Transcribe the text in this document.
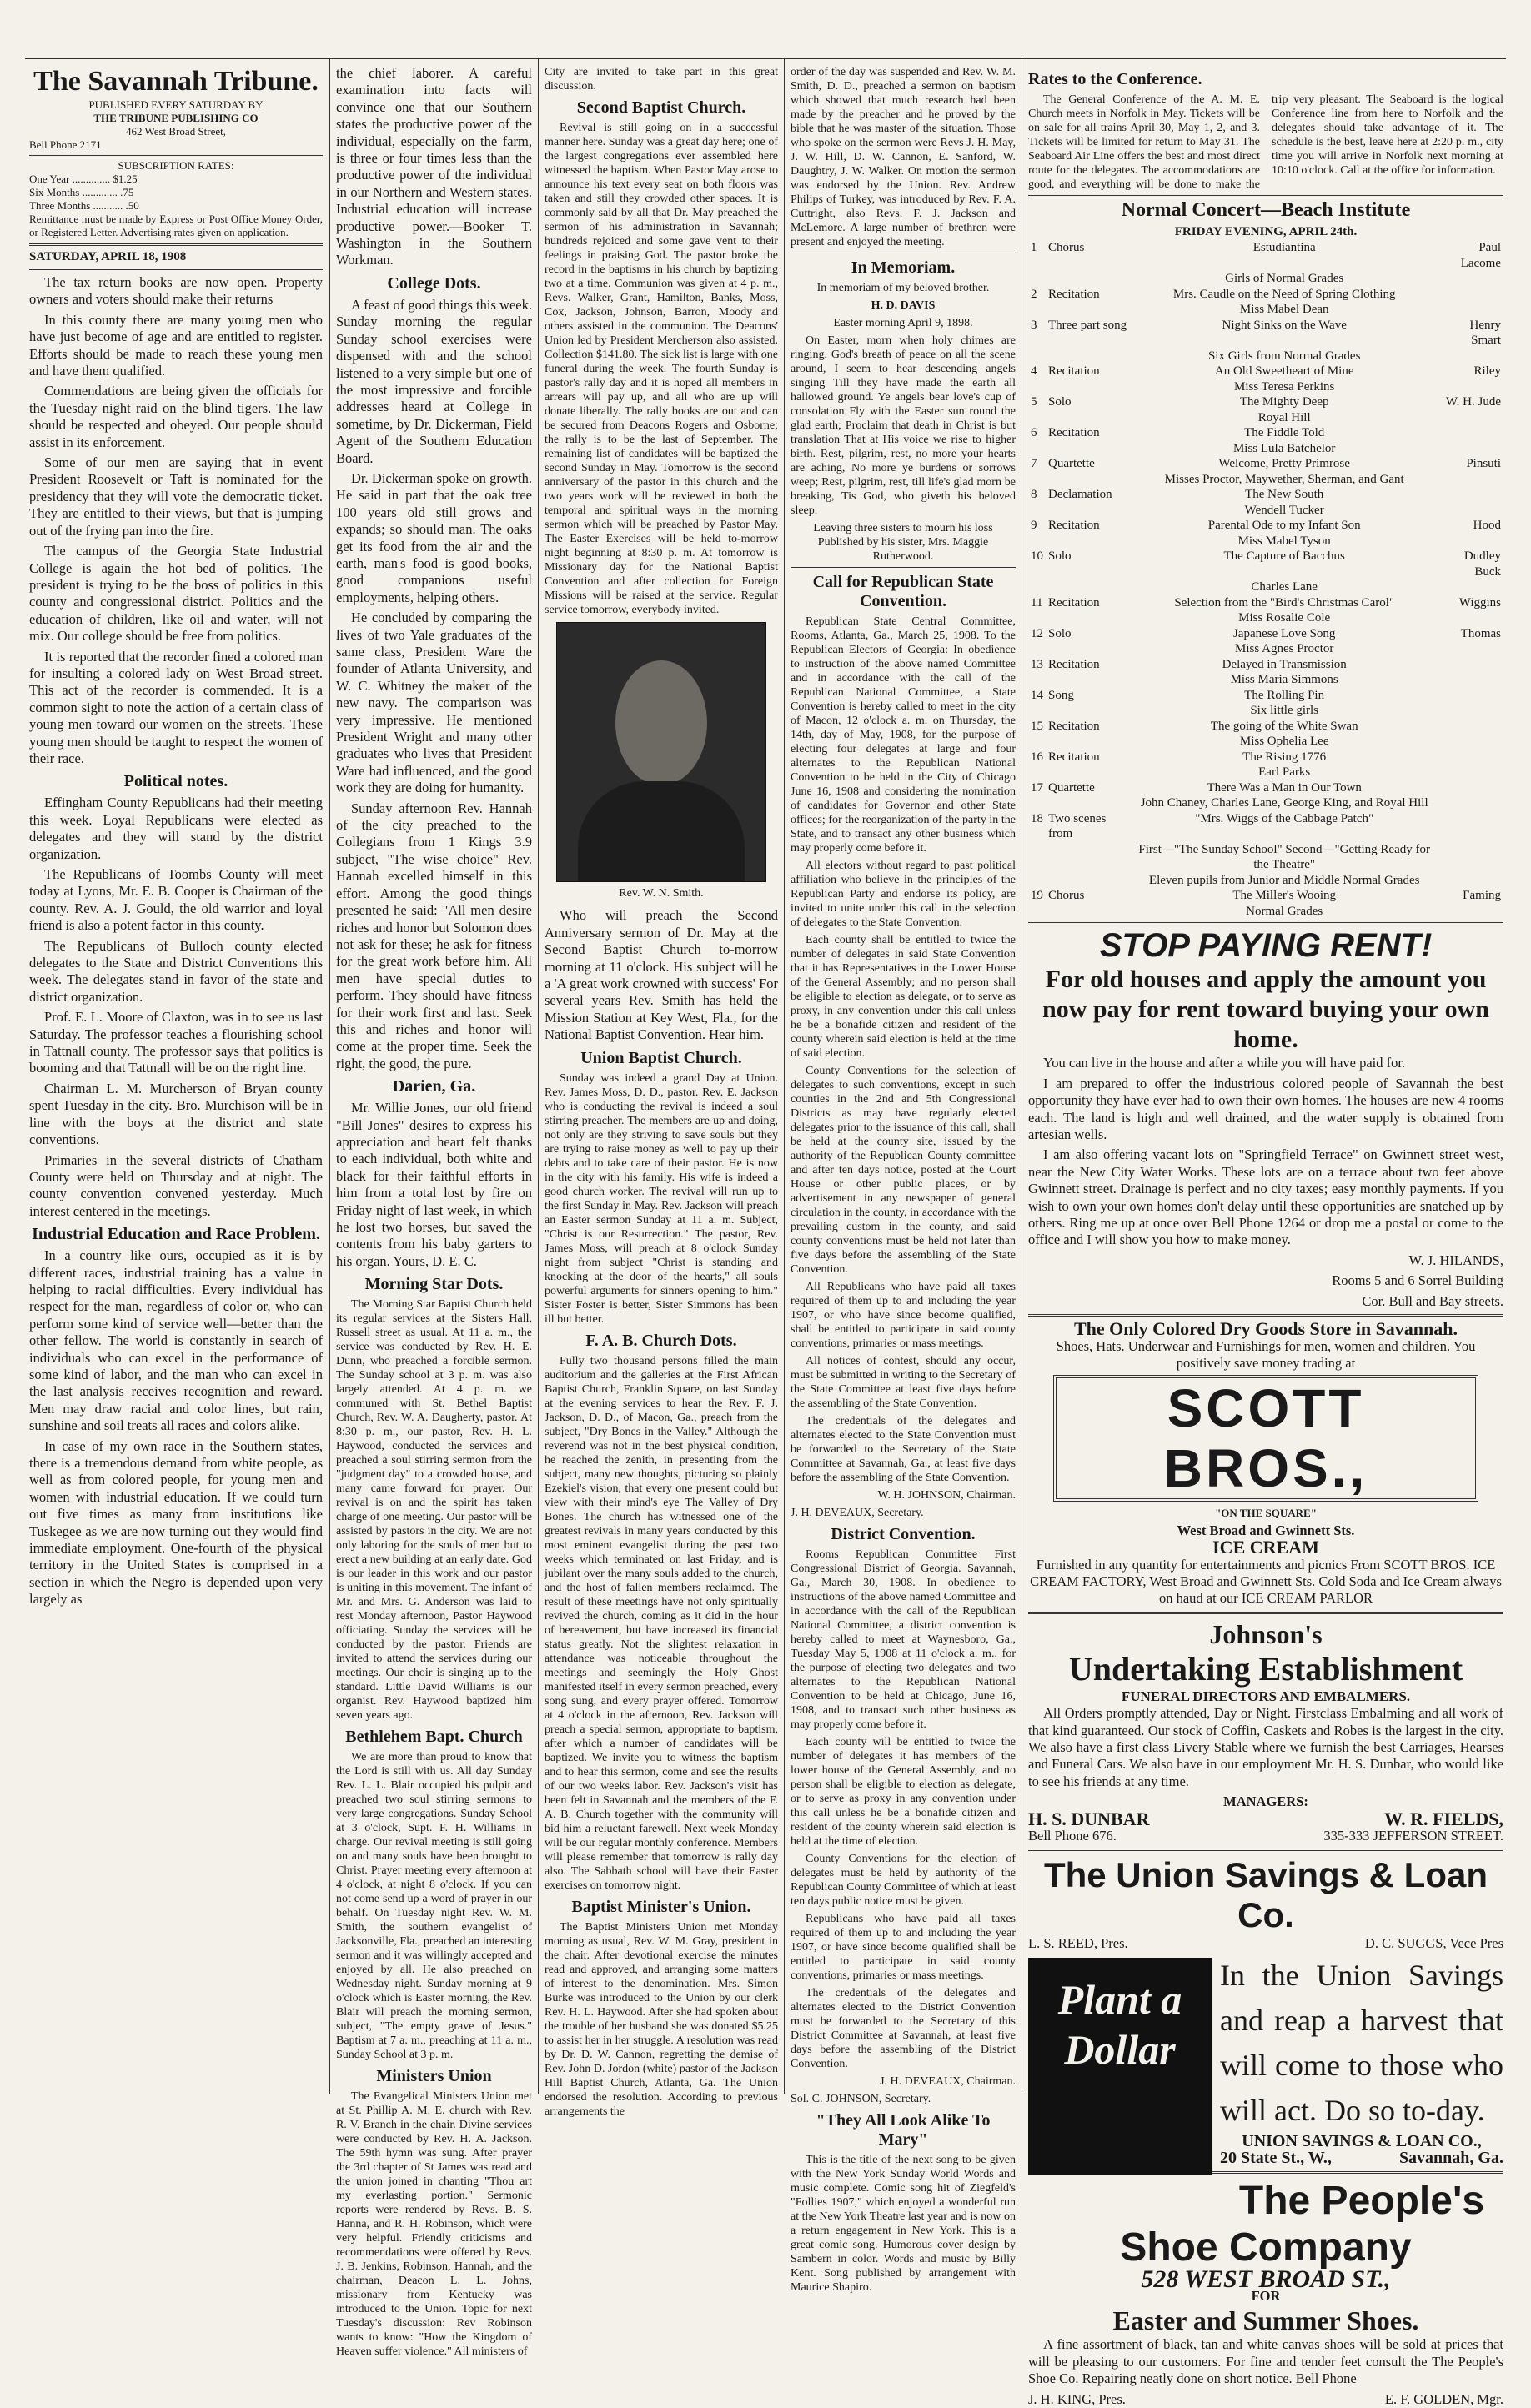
The Savannah Tribune.
PUBLISHED EVERY SATURDAY BY
THE TRIBUNE PUBLISHING CO
462 West Broad Street,
Bell Phone 2171
SUBSCRIPTION RATES:
One Year .............. $1.25
Six Months ............. .75
Three Months ........... .50
Remittance must be made by Express or Post Office Money Order, or Registered Letter. Advertising rates given on application.
SATURDAY, APRIL 18, 1908

The tax return books are now open. Property owners and voters should make their returns

In this county there are many young men who have just become of age and are entitled to register. Efforts should be made to reach these young men and have them qualified.

Commendations are being given the officials for the Tuesday night raid on the blind tigers. The law should be respected and obeyed. Our people should assist in its enforcement.

Some of our men are saying that in event President Roosevelt or Taft is nominated for the presidency that they will vote the democratic ticket. They are entitled to their views, but that is jumping out of the frying pan into the fire.

The campus of the Georgia State Industrial College is again the hot bed of politics. The president is trying to be the boss of politics in this county and congressional district. Politics and the education of children, like oil and water, will not mix. Our college should be free from politics.

It is reported that the recorder fined a colored man for insulting a colored lady on West Broad street. This act of the recorder is commended. It is a common sight to note the action of a certain class of young men toward our women on the streets. These young men should be taught to respect the women of their race.

Political notes.

Effingham County Republicans had their meeting this week. Loyal Republicans were elected as delegates and they will stand by the district organization.

The Republicans of Toombs County will meet today at Lyons, Mr. E. B. Cooper is Chairman of the county. Rev. A. J. Gould, the old warrior and loyal friend is also a potent factor in this county.

The Republicans of Bulloch county elected delegates to the State and District Conventions this week. The delegates stand in favor of the state and district organization.

Prof. E. L. Moore of Claxton, was in to see us last Saturday. The professor teaches a flourishing school in Tattnall county. The professor says that politics is booming and that Tattnall will be on the right line.

Chairman L. M. Murcherson of Bryan county spent Tuesday in the city. Bro. Murchison will be in line with the boys at the district and state conventions.

Primaries in the several districts of Chatham County were held on Thursday and at night. The county convention convened yesterday. Much interest centered in the meetings.

Industrial Education and Race Problem.

In a country like ours, occupied as it is by different races, industrial training has a value in helping to racial difficulties. Every individual has respect for the man, regardless of color or, who can perform some kind of service well—better than the other fellow. The world is constantly in search of individuals who can excel in the performance of some kind of labor, and the man who can excel in the last analysis receives recognition and reward. Men may draw racial and color lines, but rain, sunshine and soil treats all races and colors alike.

In case of my own race in the Southern states, there is a tremendous demand from white people, as well as from colored people, for young men and women with industrial education. If we could turn out five times as many from institutions like Tuskegee as we are now turning out they would find immediate employment. One-fourth of the physical territory in the United States is comprised in a section in which the Negro is depended upon very largely as

the chief laborer. A careful examination into facts will convince one that our Southern states the productive power of the individual, especially on the farm, is three or four times less than the productive power of the individual in our Northern and Western states. Industrial education will increase productive power.—Booker T. Washington in the Southern Workman.

College Dots.

A feast of good things this week. Sunday morning the regular Sunday school exercises were dispensed with and the school listened to a very simple but one of the most impressive and forcible addresses heard at College in sometime, by Dr. Dickerman, Field Agent of the Southern Education Board.

Dr. Dickerman spoke on growth. He said in part that the oak tree 100 years old still grows and expands; so should man. The oaks get its food from the air and the earth, man's food is good books, good companions useful employments, helping others.

He concluded by comparing the lives of two Yale graduates of the same class, President Ware the founder of Atlanta University, and W. C. Whitney the maker of the new navy. The comparison was very impressive. He mentioned President Wright and many other graduates who lives that President Ware had influenced, and the good work they are doing for humanity.

Sunday afternoon Rev. Hannah of the city preached to the Collegians from 1 Kings 3.9 subject, "The wise choice" Rev. Hannah excelled himself in this effort. Among the good things presented he said: "All men desire riches and honor but Solomon does not ask for these; he ask for fitness for the great work before him. All men have special duties to perform. They should have fitness for their work first and last. Seek this and riches and honor will come at the proper time. Seek the right, the good, the pure.

Darien, Ga.

Mr. Willie Jones, our old friend "Bill Jones" desires to express his appreciation and heart felt thanks to each individual, both white and black for their faithful efforts in him from a total lost by fire on Friday night of last week, in which he lost two horses, but saved the contents from his baby garters to his organ. Yours, D. E. C.

Morning Star Dots.

The Morning Star Baptist Church held its regular services at the Sisters Hall, Russell street as usual. At 11 a. m., the service was conducted by Rev. H. E. Dunn, who preached a forcible sermon. The Sunday school at 3 p. m. was also largely attended. At 4 p. m. we communed with St. Bethel Baptist Church, Rev. W. A. Daugherty, pastor. At 8:30 p. m., our pastor, Rev. H. L. Haywood, conducted the services and preached a soul stirring sermon from the "judgment day" to a crowded house, and many came forward for prayer. Our revival is on and the spirit has taken charge of one meeting. Our pastor will be assisted by pastors in the city. We are not only laboring for the souls of men but to erect a new building at an early date. God is our leader in this work and our pastor is uniting in this movement. The infant of Mr. and Mrs. G. Anderson was laid to rest Monday afternoon, Pastor Haywood officiating. Sunday the services will be conducted by the pastor. Friends are invited to attend the services during our meetings. Our choir is singing up to the standard. Little David Williams is our organist. Rev. Haywood baptized him seven years ago.

Bethlehem Bapt. Church

We are more than proud to know that the Lord is still with us. All day Sunday Rev. L. L. Blair occupied his pulpit and preached two soul stirring sermons to very large congregations. Sunday School at 3 o'clock, Supt. F. H. Williams in charge. Our revival meeting is still going on and many souls have been brought to Christ. Prayer meeting every afternoon at 4 o'clock, at night 8 o'clock. If you can not come send up a word of prayer in our behalf. On Tuesday night Rev. W. M. Smith, the southern evangelist of Jacksonville, Fla., preached an interesting sermon and it was willingly accepted and enjoyed by all. He also preached on Wednesday night. Sunday morning at 9 o'clock which is Easter morning, the Rev. Blair will preach the morning sermon, subject, "The empty grave of Jesus." Baptism at 7 a. m., preaching at 11 a. m., Sunday School at 3 p. m.

Ministers Union

The Evangelical Ministers Union met at St. Phillip A. M. E. church with Rev. R. V. Branch in the chair. Divine services were conducted by Rev. H. A. Jackson. The 59th hymn was sung. After prayer the 3rd chapter of St James was read and the union joined in chanting "Thou art my everlasting portion." Sermonic reports were rendered by Revs. B. S. Hanna, and R. H. Robinson, which were very helpful. Friendly criticisms and recommendations were offered by Revs. J. B. Jenkins, Robinson, Hannah, and the chairman, Deacon L. L. Johns, missionary from Kentucky was introduced to the Union. Topic for next Tuesday's discussion: Rev Robinson wants to know: "How the Kingdom of Heaven suffer violence." All ministers of

City are invited to take part in this great discussion.

Second Baptist Church.

Revival is still going on in a successful manner here. Sunday was a great day here; one of the largest congregations ever assembled here witnessed the baptism. When Pastor May arose to announce his text every seat on both floors was taken and still they crowded other spaces. It is commonly said by all that Dr. May preached the sermon of his administration in Savannah; hundreds rejoiced and some gave vent to their feelings in praising God. The pastor broke the record in the baptisms in his church by baptizing two at a time. Communion was given at 4 p. m., Revs. Walker, Grant, Hamilton, Banks, Moss, Cox, Jackson, Johnson, Barron, Moody and others assisted in the communion. The Deacons' Union led by President Mercherson also assisted. Collection $141.80. The sick list is large with one funeral during the week. The fourth Sunday is pastor's rally day and it is hoped all members in arrears will pay up, and all who are up will donate liberally. The rally books are out and can be secured from Deacons Rogers and Osborne; the rally is to be the last of September. The remaining list of candidates will be baptized the second Sunday in May. Tomorrow is the second anniversary of the pastor in this church and the two years work will be reviewed in both the temporal and spiritual ways in the morning sermon which will be preached by Pastor May. The Easter Exercises will be held to-morrow night beginning at 8:30 p. m. At tomorrow is Missionary day for the National Baptist Convention and after collection for Foreign Missions will be raised at the service. Regular service tomorrow, everybody invited.

Rev. W. N. Smith.

Who will preach the Second Anniversary sermon of Dr. May at the Second Baptist Church to-morrow morning at 11 o'clock. His subject will be a 'A great work crowned with success' For several years Rev. Smith has held the Mission Station at Key West, Fla., for the National Baptist Convention. Hear him.

Union Baptist Church.

Sunday was indeed a grand Day at Union. Rev. James Moss, D. D., pastor. Rev. E. Jackson who is conducting the revival is indeed a soul stirring preacher. The members are up and doing, not only are they striving to save souls but they are trying to raise money as well to pay up their debts and to take care of their pastor. He is now in the city with his family. His wife is indeed a good church worker. The revival will run up to the first Sunday in May. Rev. Jackson will preach an Easter sermon Sunday at 11 a. m. Subject, "Christ is our Resurrection." The pastor, Rev. James Moss, will preach at 8 o'clock Sunday night from subject "Christ is standing and knocking at the door of the hearts," all souls powerful arguments for sinners opening to him." Sister Foster is better, Sister Simmons has been ill but better.

F. A. B. Church Dots.

Fully two thousand persons filled the main auditorium and the galleries at the First African Baptist Church, Franklin Square, on last Sunday at the evening services to hear the Rev. F. J. Jackson, D. D., of Macon, Ga., preach from the subject, "Dry Bones in the Valley." Although the reverend was not in the best physical condition, he reached the zenith, in presenting from the subject, many new thoughts, picturing so plainly Ezekiel's vision, that every one present could but view with their mind's eye The Valley of Dry Bones. The church has witnessed one of the greatest revivals in many years conducted by this most eminent evangelist during the past two weeks which terminated on last Friday, and is jubilant over the many souls added to the church, and the host of fallen members reclaimed. The result of these meetings have not only spiritually revived the church, coming as it did in the hour of bereavement, but have increased its financial status greatly. Not the slightest relaxation in attendance was noticeable throughout the meetings and seemingly the Holy Ghost manifested itself in every sermon preached, every song sung, and every prayer offered. Tomorrow at 4 o'clock in the afternoon, Rev. Jackson will preach a special sermon, appropriate to baptism, after which a number of candidates will be baptized. We invite you to witness the baptism and to hear this sermon, come and see the results of our two weeks labor. Rev. Jackson's visit has been felt in Savannah and the members of the F. A. B. Church together with the community will bid him a reluctant farewell. Next week Monday will be our regular monthly conference. Members will please remember that tomorrow is rally day also. The Sabbath school will have their Easter exercises on tomorrow night.

Baptist Minister's Union.

The Baptist Ministers Union met Monday morning as usual, Rev. W. M. Gray, president in the chair. After devotional exercise the minutes read and approved, and arranging some matters of interest to the denomination. Mrs. Simon Burke was introduced to the Union by our clerk Rev. H. L. Haywood. After she had spoken about the trouble of her husband she was donated $5.25 to assist her in her struggle. A resolution was read by Dr. D. W. Cannon, regretting the demise of Rev. John D. Jordon (white) pastor of the Jackson Hill Baptist Church, Atlanta, Ga. The Union endorsed the resolution. According to previous arrangements the

order of the day was suspended and Rev. W. M. Smith, D. D., preached a sermon on baptism which showed that much research had been made by the preacher and he proved by the bible that he was master of the situation. Those who spoke on the sermon were Revs J. H. May, J. W. Hill, D. W. Cannon, E. Sanford, W. Daughtry, J. W. Walker. On motion the sermon was endorsed by the Union. Rev. Andrew Philips of Turkey, was introduced by Rev. F. A. Cuttright, also Revs. F. J. Jackson and McLemore. A large number of brethren were present and enjoyed the meeting.

In Memoriam.

In memoriam of my beloved brother.

H. D. DAVIS

Easter morning April 9, 1898.

On Easter, morn when holy chimes are ringing, God's breath of peace on all the scene around, I seem to hear descending angels singing Till they have made the earth all hallowed ground. Ye angels bear love's cup of consolation Fly with the Easter sun round the glad earth; Proclaim that death in Christ is but translation That at His voice we rise to higher birth. Rest, pilgrim, rest, no more your hearts are aching, No more ye burdens or sorrows weep; Rest, pilgrim, rest, till life's glad morn be breaking, Tis God, who giveth his beloved sleep.

Leaving three sisters to mourn his loss Published by his sister, Mrs. Maggie Rutherwood.

Call for Republican State Convention.

Republican State Central Committee, Rooms, Atlanta, Ga., March 25, 1908. To the Republican Electors of Georgia: In obedience to instruction of the above named Committee and in accordance with the call of the Republican National Committee, a State Convention is hereby called to meet in the city of Macon, 12 o'clock a. m. on Thursday, the 14th, day of May, 1908, for the purpose of electing four delegates at large and four alternates to the Republican National Convention to be held in the City of Chicago June 16, 1908 and considering the nomination of candidates for Governor and other State offices; for the reorganization of the party in the State, and to transact any other business which may properly come before it.

All electors without regard to past political affiliation who believe in the principles of the Republican Party and endorse its policy, are invited to unite under this call in the selection of delegates to the State Convention.

Each county shall be entitled to twice the number of delegates in said State Convention that it has Representatives in the Lower House of the General Assembly; and no person shall be eligible to election as delegate, or to serve as proxy, in any convention under this call unless he be a bonafide citizen and resident of the county wherein said election is held at the time of said election.

County Conventions for the selection of delegates to such conventions, except in such counties in the 2nd and 5th Congressional Districts as may have regularly elected delegates prior to the issuance of this call, shall be held at the county site, issued by the authority of the Republican County committee and after ten days notice, posted at the Court House or other public places, or by advertisement in any newspaper of general circulation in the county, in accordance with the prevailing custom in the county, and said county conventions must be held not later than five days before the assembling of the State Convention.

All Republicans who have paid all taxes required of them up to and including the year 1907, or who have since become qualified, shall be entitled to participate in said county conventions, primaries or mass meetings.

All notices of contest, should any occur, must be submitted in writing to the Secretary of the State Committee at least five days before the assembling of the State Convention.

The credentials of the delegates and alternates elected to the State Convention must be forwarded to the Secretary of the State Committee at Savannah, Ga., at least five days before the assembling of the State Convention.

W. H. JOHNSON, Chairman.

J. H. DEVEAUX, Secretary.

District Convention.

Rooms Republican Committee First Congressional District of Georgia. Savannah, Ga., March 30, 1908. In obedience to instructions of the above named Committee and in accordance with the call of the Republican National Committee, a district convention is hereby called to meet at Waynesboro, Ga., Tuesday May 5, 1908 at 11 o'clock a. m., for the purpose of electing two delegates and two alternates to the Republican National Convention to be held at Chicago, June 16, 1908, and to transact such other business as may properly come before it.

Each county will be entitled to twice the number of delegates it has members of the lower house of the General Assembly, and no person shall be eligible to election as delegate, or to serve as proxy in any convention under this call unless he be a bonafide citizen and resident of the county wherein said election is held at the time of election.

County Conventions for the election of delegates must be held by authority of the Republican County Committee of which at least ten days public notice must be given.

Republicans who have paid all taxes required of them up to and including the year 1907, or have since become qualified shall be entitled to participate in said county conventions, primaries or mass meetings.

The credentials of the delegates and alternates elected to the District Convention must be forwarded to the Secretary of this District Committee at Savannah, at least five days before the assembling of the District Convention.

J. H. DEVEAUX, Chairman.

Sol. C. JOHNSON, Secretary.

"They All Look Alike To Mary"

This is the title of the next song to be given with the New York Sunday World Words and music complete. Comic song hit of Ziegfeld's "Follies 1907," which enjoyed a wonderful run at the New York Theatre last year and is now on a return engagement in New York. This is a great comic song. Humorous cover design by Sambern in color. Words and music by Billy Kent. Song published by arrangement with Maurice Shapiro.

Rates to the Conference.

The General Conference of the A. M. E. Church meets in Norfolk in May. Tickets will be on sale for all trains April 30, May 1, 2, and 3. Tickets will be limited for return to May 31. The Seaboard Air Line offers the best and most direct route for the delegates. The accommodations are good, and everything will be done to make the trip very pleasant. The Seaboard is the logical Conference line from here to Norfolk and the delegates should take advantage of it. The schedule is the best, leave here at 2:20 p. m., city time you will arrive in Norfolk next morning at 10:10 o'clock. Call at the office for information.

Normal Concert—Beach Institute
FRIDAY EVENING, APRIL 24th.
1	Chorus	Estudiantina	Paul Lacome
		Girls of Normal Grades	
2	Recitation	Mrs. Caudle on the Need of Spring Clothing	
		Miss Mabel Dean	
3	Three part song	Night Sinks on the Wave	Henry Smart
		Six Girls from Normal Grades	
4	Recitation	An Old Sweetheart of Mine	Riley
		Miss Teresa Perkins	
5	Solo	The Mighty Deep	W. H. Jude
		Royal Hill	
6	Recitation	The Fiddle Told	
		Miss Lula Batchelor	
7	Quartette	Welcome, Pretty Primrose	Pinsuti
		Misses Proctor, Maywether, Sherman, and Gant	
8	Declamation	The New South	
		Wendell Tucker	
9	Recitation	Parental Ode to my Infant Son	Hood
		Miss Mabel Tyson	
10	Solo	The Capture of Bacchus	Dudley Buck
		Charles Lane	
11	Recitation	Selection from the "Bird's Christmas Carol"	Wiggins
		Miss Rosalie Cole	
12	Solo	Japanese Love Song	Thomas
		Miss Agnes Proctor	
13	Recitation	Delayed in Transmission	
		Miss Maria Simmons	
14	Song	The Rolling Pin	
		Six little girls	
15	Recitation	The going of the White Swan	
		Miss Ophelia Lee	
16	Recitation	The Rising 1776	
		Earl Parks	
17	Quartette	There Was a Man in Our Town	
		John Chaney, Charles Lane, George King, and Royal Hill	
18	Two scenes from	"Mrs. Wiggs of the Cabbage Patch"	
		First—"The Sunday School" Second—"Getting Ready for the Theatre"	
		Eleven pupils from Junior and Middle Normal Grades	
19	Chorus	The Miller's Wooing	Faming
		Normal Grades	
STOP PAYING RENT!
For old houses and apply the amount you now pay for rent toward buying your own home.

You can live in the house and after a while you will have paid for.

I am prepared to offer the industrious colored people of Savannah the best opportunity they have ever had to own their own homes. The houses are new 4 rooms each. The land is high and well drained, and the water supply is obtained from artesian wells.

I am also offering vacant lots on "Springfield Terrace" on Gwinnett street west, near the New City Water Works. These lots are on a terrace about two feet above Gwinnett street. Drainage is perfect and no city taxes; easy monthly payments. If you wish to own your own homes don't delay until these opportunities are snatched up by others. Ring me up at once over Bell Phone 1264 or drop me a postal or come to the office and I will show you how to make money.

W. J. HILANDS,

Rooms 5 and 6 Sorrel Building

Cor. Bull and Bay streets.

The Only Colored Dry Goods Store in Savannah.

Shoes, Hats. Underwear and Furnishings for men, women and children. You positively save money trading at

SCOTT BROS.,
"ON THE SQUARE"
West Broad and Gwinnett Sts.
ICE CREAM

Furnished in any quantity for entertainments and picnics From SCOTT BROS. ICE CREAM FACTORY, West Broad and Gwinnett Sts. Cold Soda and Ice Cream always on haud at our ICE CREAM PARLOR

Johnson's
Undertaking Establishment
FUNERAL DIRECTORS AND EMBALMERS.

All Orders promptly attended, Day or Night. Firstclass Embalming and all work of that kind guaranteed. Our stock of Coffin, Caskets and Robes is the largest in the city. We also have a first class Livery Stable where we furnish the best Carriages, Hearses and Funeral Cars. We also have in our employment Mr. H. S. Dunbar, who would like to see his friends at any time.

MANAGERS:
H. S. DUNBAR	W. R. FIELDS,
Bell Phone 676.	335-333 JEFFERSON STREET.
The Union Savings & Loan Co.
L. S. REED, Pres.	D. C. SUGGS, Vece Pres
Plant a Dollar
In the Union Savings and reap a harvest that will come to those who will act. Do so to-day.
UNION SAVINGS & LOAN CO.,
20 State St., W.,	Savannah, Ga.
The People's Shoe Company
528 WEST BROAD ST.,
FOR
Easter and Summer Shoes.

A fine assortment of black, tan and white canvas shoes will be sold at prices that will be pleasing to our customers. For fine and tender feet consult the The People's Shoe Co. Repairing neatly done on short notice. Bell Phone

J. H. KING, Pres.	E. F. GOLDEN, Mgr.
